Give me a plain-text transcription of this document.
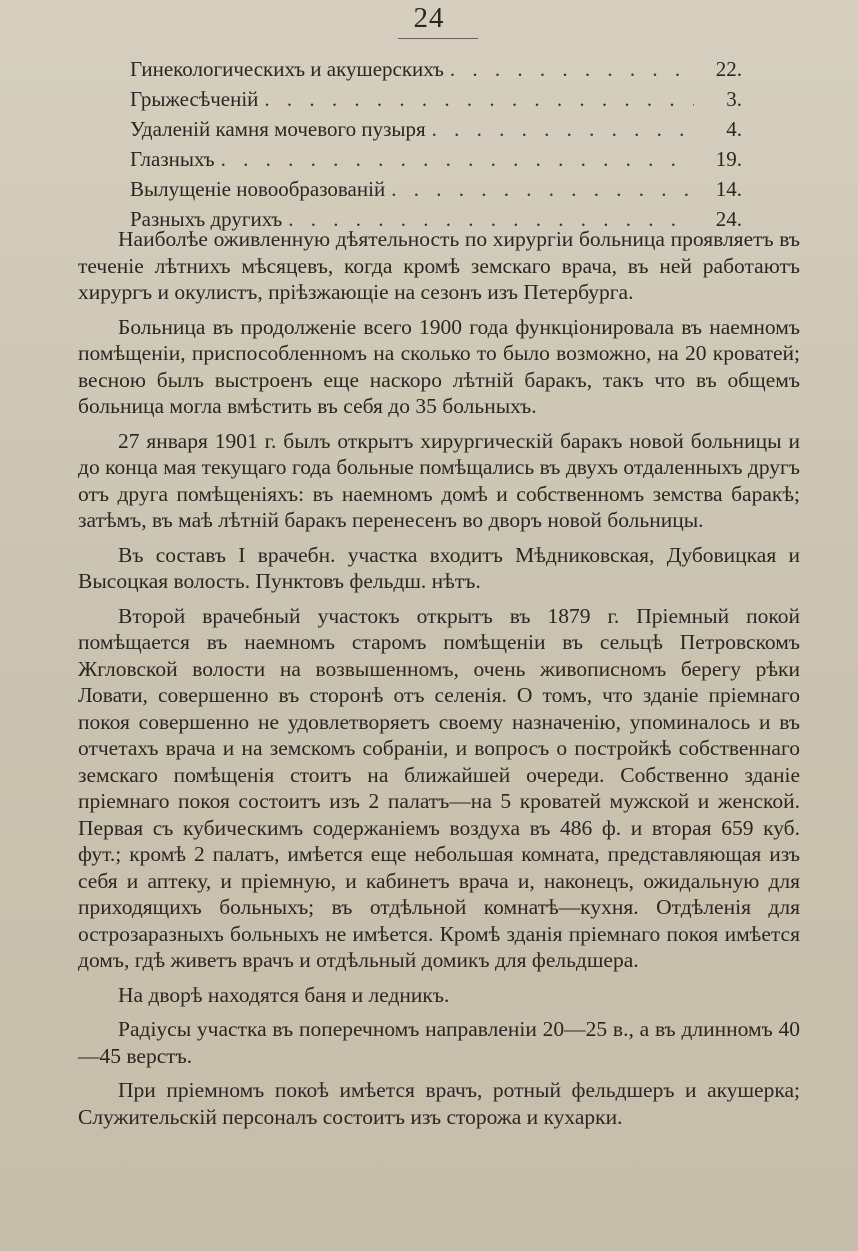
24
Гинекологическихъ и акушерскихъ . . .	22.
Грыжесѣченій . . .	3.
Удаленій камня мочевого пузыря . . .	4.
Глазныхъ . . .	19.
Вылущеніе новообразованій . . .	14.
Разныхъ другихъ . . .	24.

Наиболѣе оживленную дѣятельность по хирургіи больница проявляетъ въ теченіе лѣтнихъ мѣсяцевъ, когда кромѣ земскаго врача, въ ней работаютъ хирургъ и окулистъ, пріѣзжающіе на сезонъ изъ Петербурга.

Больница въ продолженіе всего 1900 года функціонировала въ наемномъ помѣщеніи, приспособленномъ на сколько то было возможно, на 20 кроватей; весною былъ выстроенъ еще наскоро лѣтній баракъ, такъ что въ общемъ больница могла вмѣстить въ себя до 35 больныхъ.

27 января 1901 г. былъ открытъ хирургическій баракъ новой больницы и до конца мая текущаго года больные помѣщались въ двухъ отдаленныхъ другъ отъ друга помѣщеніяхъ: въ наемномъ домѣ и собственномъ земства баракѣ; затѣмъ, въ маѣ лѣтній баракъ перенесенъ во дворъ новой больницы.

Въ составъ I врачебн. участка входитъ Мѣдниковская, Дубовицкая и Высоцкая волость. Пунктовъ фельдш. нѣтъ.

Второй врачебный участокъ открытъ въ 1879 г. Пріемный покой помѣщается въ наемномъ старомъ помѣщеніи въ сельцѣ Петровскомъ Жгловской волости на возвышенномъ, очень живописномъ берегу рѣки Ловати, совершенно въ сторонѣ отъ селенія. О томъ, что зданіе пріемнаго покоя совершенно не удовлетворяетъ своему назначенію, упоминалось и въ отчетахъ врача и на земскомъ собраніи, и вопросъ о постройкѣ собственнаго земскаго помѣщенія стоитъ на ближайшей очереди. Собственно зданіе пріемнаго покоя состоитъ изъ 2 палатъ—на 5 кроватей мужской и женской. Первая съ кубическимъ содержаніемъ воздуха въ 486 ф. и вторая 659 куб. фут.; кромѣ 2 палатъ, имѣется еще небольшая комната, представляющая изъ себя и аптеку, и пріемную, и кабинетъ врача и, наконецъ, ожидальную для приходящихъ больныхъ; въ отдѣльной комнатѣ—кухня. Отдѣленія для острозаразныхъ больныхъ не имѣется. Кромѣ зданія пріемнаго покоя имѣется домъ, гдѣ живетъ врачъ и отдѣльный домикъ для фельдшера.

На дворѣ находятся баня и ледникъ.

Радіусы участка въ поперечномъ направленіи 20—25 в., а въ длинномъ 40—45 верстъ.

При пріемномъ покоѣ имѣется врачъ, ротный фельдшеръ и акушерка; Служительскій персоналъ состоитъ изъ сторожа и кухарки.
